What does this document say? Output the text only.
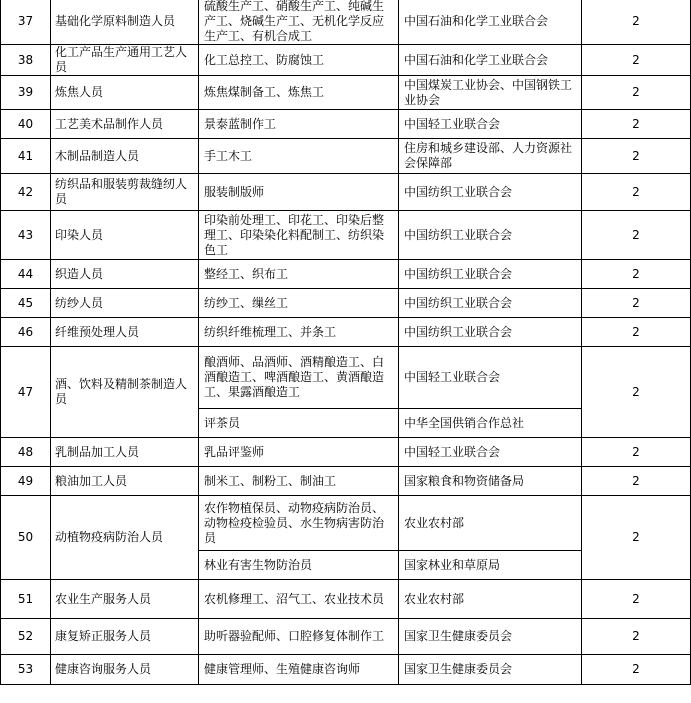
37	基础化学原料制造人员	硫酸生产工、硝酸生产工、纯碱生产工、烧碱生产工、无机化学反应生产工、有机合成工	中国石油和化学工业联合会	2
38	化工产品生产通用工艺人员	化工总控工、防腐蚀工	中国石油和化学工业联合会	2
39	炼焦人员	炼焦煤制备工、炼焦工	中国煤炭工业协会、中国钢铁工业协会	2
40	工艺美术品制作人员	景泰蓝制作工	中国轻工业联合会	2
41	木制品制造人员	手工木工	住房和城乡建设部、人力资源社会保障部	2
42	纺织品和服装剪裁缝纫人员	服装制版师	中国纺织工业联合会	2
43	印染人员	印染前处理工、印花工、印染后整理工、印染染化料配制工、纺织染色工	中国纺织工业联合会	2
44	织造人员	整经工、织布工	中国纺织工业联合会	2
45	纺纱人员	纺纱工、缫丝工	中国纺织工业联合会	2
46	纤维预处理人员	纺织纤维梳理工、并条工	中国纺织工业联合会	2
47	酒、饮料及精制茶制造人员	酿酒师、品酒师、酒精酿造工、白酒酿造工、啤酒酿造工、黄酒酿造工、果露酒酿造工	中国轻工业联合会	2
		评茶员	中华全国供销合作总社	
48	乳制品加工人员	乳品评鉴师	中国轻工业联合会	2
49	粮油加工人员	制米工、制粉工、制油工	国家粮食和物资储备局	2
50	动植物疫病防治人员	农作物植保员、动物疫病防治员、动物检疫检验员、水生物病害防治员	农业农村部	2
		林业有害生物防治员	国家林业和草原局	
51	农业生产服务人员	农机修理工、沼气工、农业技术员	农业农村部	2
52	康复矫正服务人员	助听器验配师、口腔修复体制作工	国家卫生健康委员会	2
53	健康咨询服务人员	健康管理师、生殖健康咨询师	国家卫生健康委员会	2
